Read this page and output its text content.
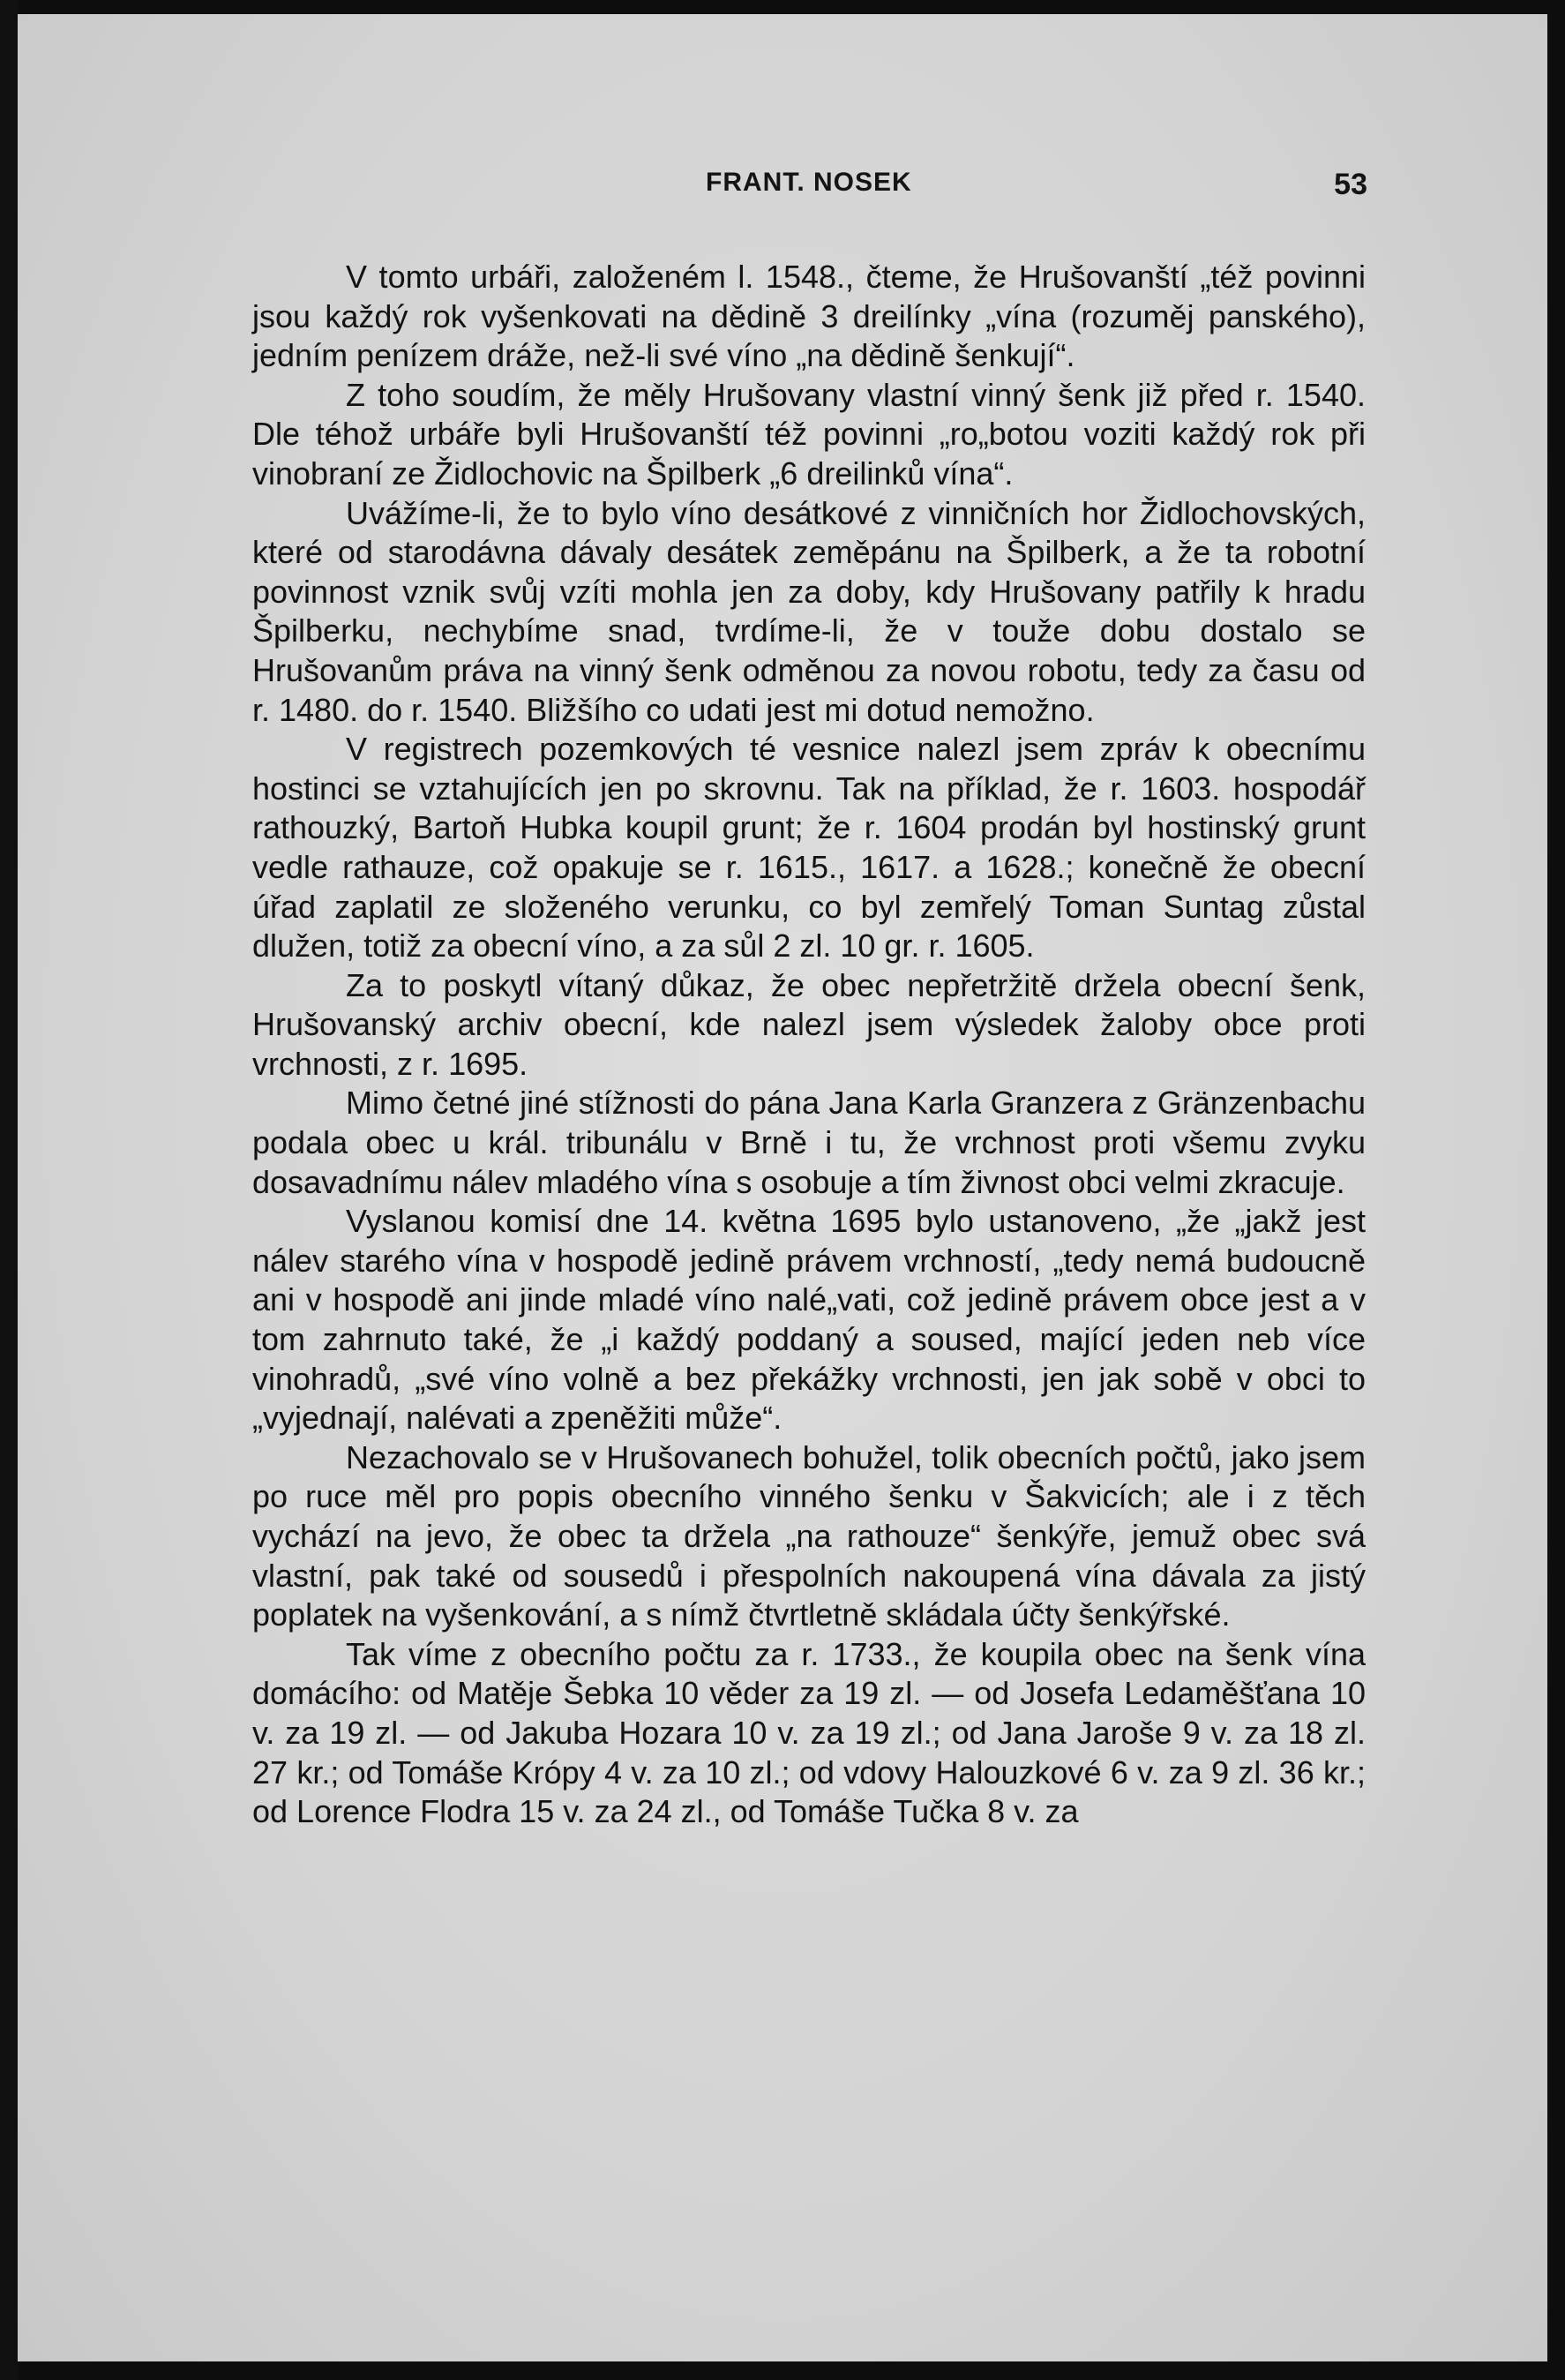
FRANT. NOSEK	53

V tomto urbáři, založeném l. 1548., čteme, že Hrušovanští „též povinni jsou každý rok vyšenkovati na dědině 3 dreilínky „vína (rozuměj panského), jedním penízem dráže, než-li své víno „na dědině šenkují“.

Z toho soudím, že měly Hrušovany vlastní vinný šenk již před r. 1540. Dle téhož urbáře byli Hrušovanští též povinni „ro„botou voziti každý rok při vinobraní ze Židlochovic na Špilberk „6 dreilinků vína“.

Uvážíme-li, že to bylo víno desátkové z vinničních hor Židlochovských, které od starodávna dávaly desátek zeměpánu na Špilberk, a že ta robotní povinnost vznik svůj vzíti mohla jen za doby, kdy Hrušovany patřily k hradu Špilberku, nechybíme snad, tvrdíme-li, že v touže dobu dostalo se Hrušovanům práva na vinný šenk odměnou za novou robotu, tedy za času od r. 1480. do r. 1540. Bližšího co udati jest mi dotud nemožno.

V registrech pozemkových té vesnice nalezl jsem zpráv k obecnímu hostinci se vztahujících jen po skrovnu. Tak na příklad, že r. 1603. hospodář rathouzký, Bartoň Hubka koupil grunt; že r. 1604 prodán byl hostinský grunt vedle rathauze, což opakuje se r. 1615., 1617. a 1628.; konečně že obecní úřad zaplatil ze složeného verunku, co byl zemřelý Toman Suntag zůstal dlužen, totiž za obecní víno, a za sůl 2 zl. 10 gr. r. 1605.

Za to poskytl vítaný důkaz, že obec nepřetržitě držela obecní šenk, Hrušovanský archiv obecní, kde nalezl jsem výsledek žaloby obce proti vrchnosti, z r. 1695.

Mimo četné jiné stížnosti do pána Jana Karla Granzera z Gränzenbachu podala obec u král. tribunálu v Brně i tu, že vrchnost proti všemu zvyku dosavadnímu nálev mladého vína s osobuje a tím živnost obci velmi zkracuje.

Vyslanou komisí dne 14. května 1695 bylo ustanoveno, „že „jakž jest nálev starého vína v hospodě jedině právem vrchností, „tedy nemá budoucně ani v hospodě ani jinde mladé víno nalé„vati, což jedině právem obce jest a v tom zahrnuto také, že „i každý poddaný a soused, mající jeden neb více vinohradů, „své víno volně a bez překážky vrchnosti, jen jak sobě v obci to „vyjednají, nalévati a zpeněžiti může“.

Nezachovalo se v Hrušovanech bohužel, tolik obecních počtů, jako jsem po ruce měl pro popis obecního vinného šenku v Šakvicích; ale i z těch vychází na jevo, že obec ta držela „na rathouze“ šenkýře, jemuž obec svá vlastní, pak také od sousedů i přespolních nakoupená vína dávala za jistý poplatek na vyšenkování, a s nímž čtvrtletně skládala účty šenkýřské.

Tak víme z obecního počtu za r. 1733., že koupila obec na šenk vína domácího: od Matěje Šebka 10 věder za 19 zl. — od Josefa Ledaměšťana 10 v. za 19 zl. — od Jakuba Hozara 10 v. za 19 zl.; od Jana Jaroše 9 v. za 18 zl. 27 kr.; od Tomáše Krópy 4 v. za 10 zl.; od vdovy Halouzkové 6 v. za 9 zl. 36 kr.; od Lorence Flodra 15 v. za 24 zl., od Tomáše Tučka 8 v. za
